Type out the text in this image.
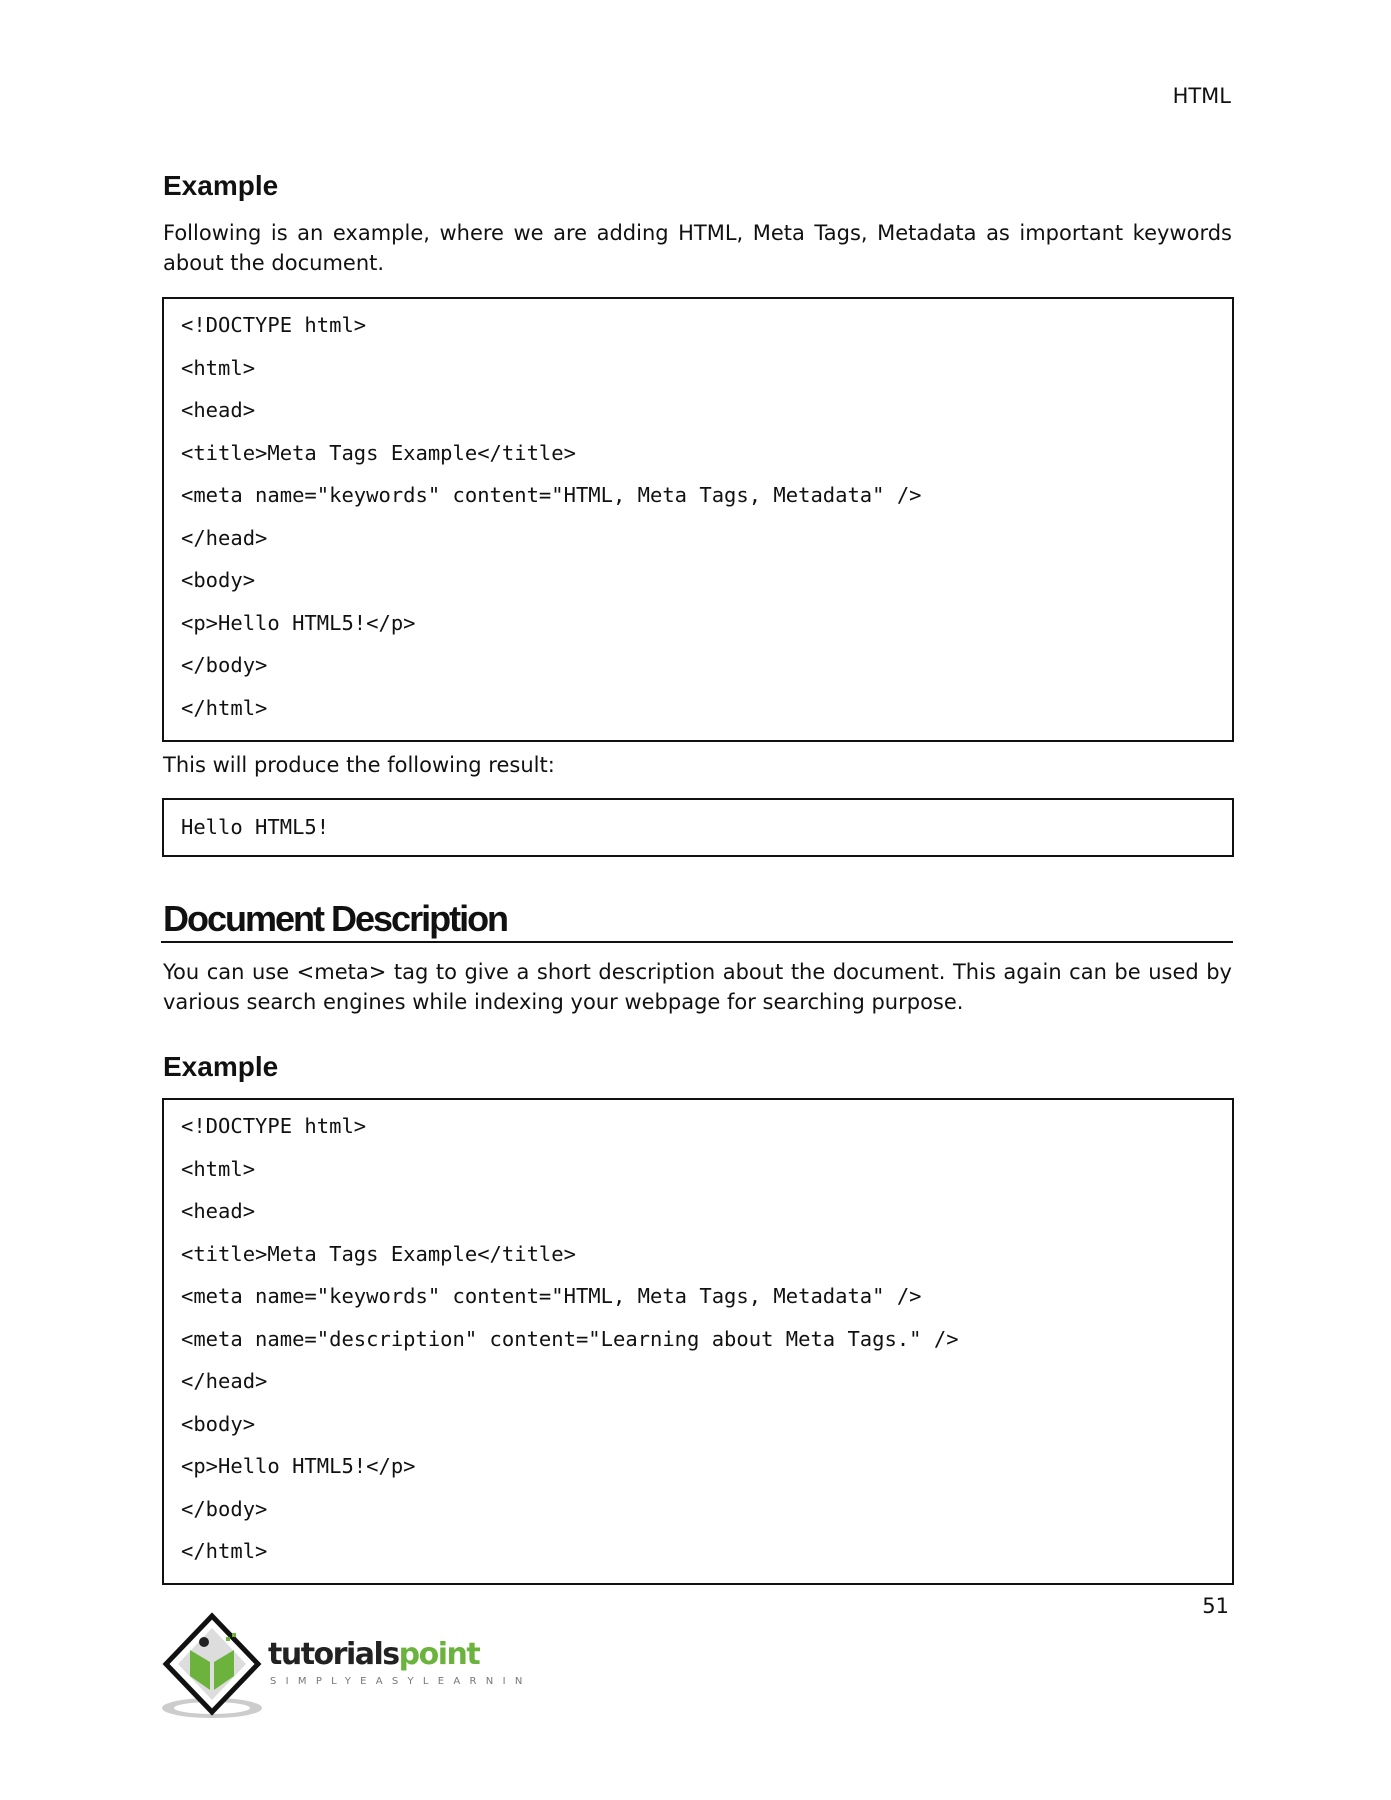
HTML
Example
Following is an example, where we are adding HTML, Meta Tags, Metadata as important keywords about the document.
<!DOCTYPE html>
<html>
<head>
<title>Meta Tags Example</title>
<meta name="keywords" content="HTML, Meta Tags, Metadata" />
</head>
<body>
<p>Hello HTML5!</p>
</body>
</html>
This will produce the following result:
Hello HTML5!
Document Description
You can use <meta> tag to give a short description about the document. This again can be used by various search engines while indexing your webpage for searching purpose.
Example
<!DOCTYPE html>
<html>
<head>
<title>Meta Tags Example</title>
<meta name="keywords" content="HTML, Meta Tags, Metadata" />
<meta name="description" content="Learning about Meta Tags." />
</head>
<body>
<p>Hello HTML5!</p>
</body>
</html>
51
tutorialspoint
SIMPLYEASYLEARNING
